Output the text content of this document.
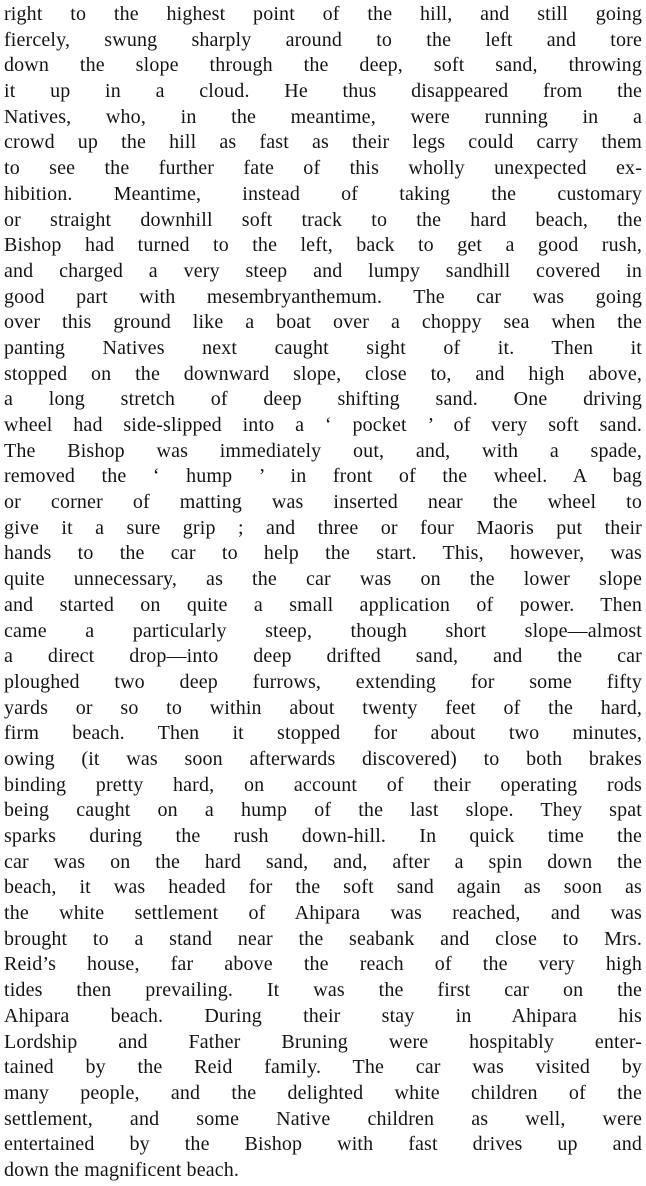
right to the highest point of the hill, and still going
fiercely, swung sharply around to the left and tore
down the slope through the deep, soft sand, throwing
it up in a cloud. He thus disappeared from the
Natives, who, in the meantime, were running in a
crowd up the hill as fast as their legs could carry them
to see the further fate of this wholly unexpected ex-
hibition. Meantime, instead of taking the customary
or straight downhill soft track to the hard beach, the
Bishop had turned to the left, back to get a good rush,
and charged a very steep and lumpy sandhill covered in
good part with mesembryanthemum. The car was going
over this ground like a boat over a choppy sea when the
panting Natives next caught sight of it. Then it
stopped on the downward slope, close to, and high above,
a long stretch of deep shifting sand. One driving
wheel had side-slipped into a ‘ pocket ’ of very soft sand.
The Bishop was immediately out, and, with a spade,
removed the ‘ hump ’ in front of the wheel. A bag
or corner of matting was inserted near the wheel to
give it a sure grip ; and three or four Maoris put their
hands to the car to help the start. This, however, was
quite unnecessary, as the car was on the lower slope
and started on quite a small application of power. Then
came a particularly steep, though short slope—almost
a direct drop—into deep drifted sand, and the car
ploughed two deep furrows, extending for some fifty
yards or so to within about twenty feet of the hard,
firm beach. Then it stopped for about two minutes,
owing (it was soon afterwards discovered) to both brakes
binding pretty hard, on account of their operating rods
being caught on a hump of the last slope. They spat
sparks during the rush down-hill. In quick time the
car was on the hard sand, and, after a spin down the
beach, it was headed for the soft sand again as soon as
the white settlement of Ahipara was reached, and was
brought to a stand near the seabank and close to Mrs.
Reid’s house, far above the reach of the very high
tides then prevailing. It was the first car on the
Ahipara beach. During their stay in Ahipara his
Lordship and Father Bruning were hospitably enter-
tained by the Reid family. The car was visited by
many people, and the delighted white children of the
settlement, and some Native children as well, were
entertained by the Bishop with fast drives up and
down the magnificent beach.
